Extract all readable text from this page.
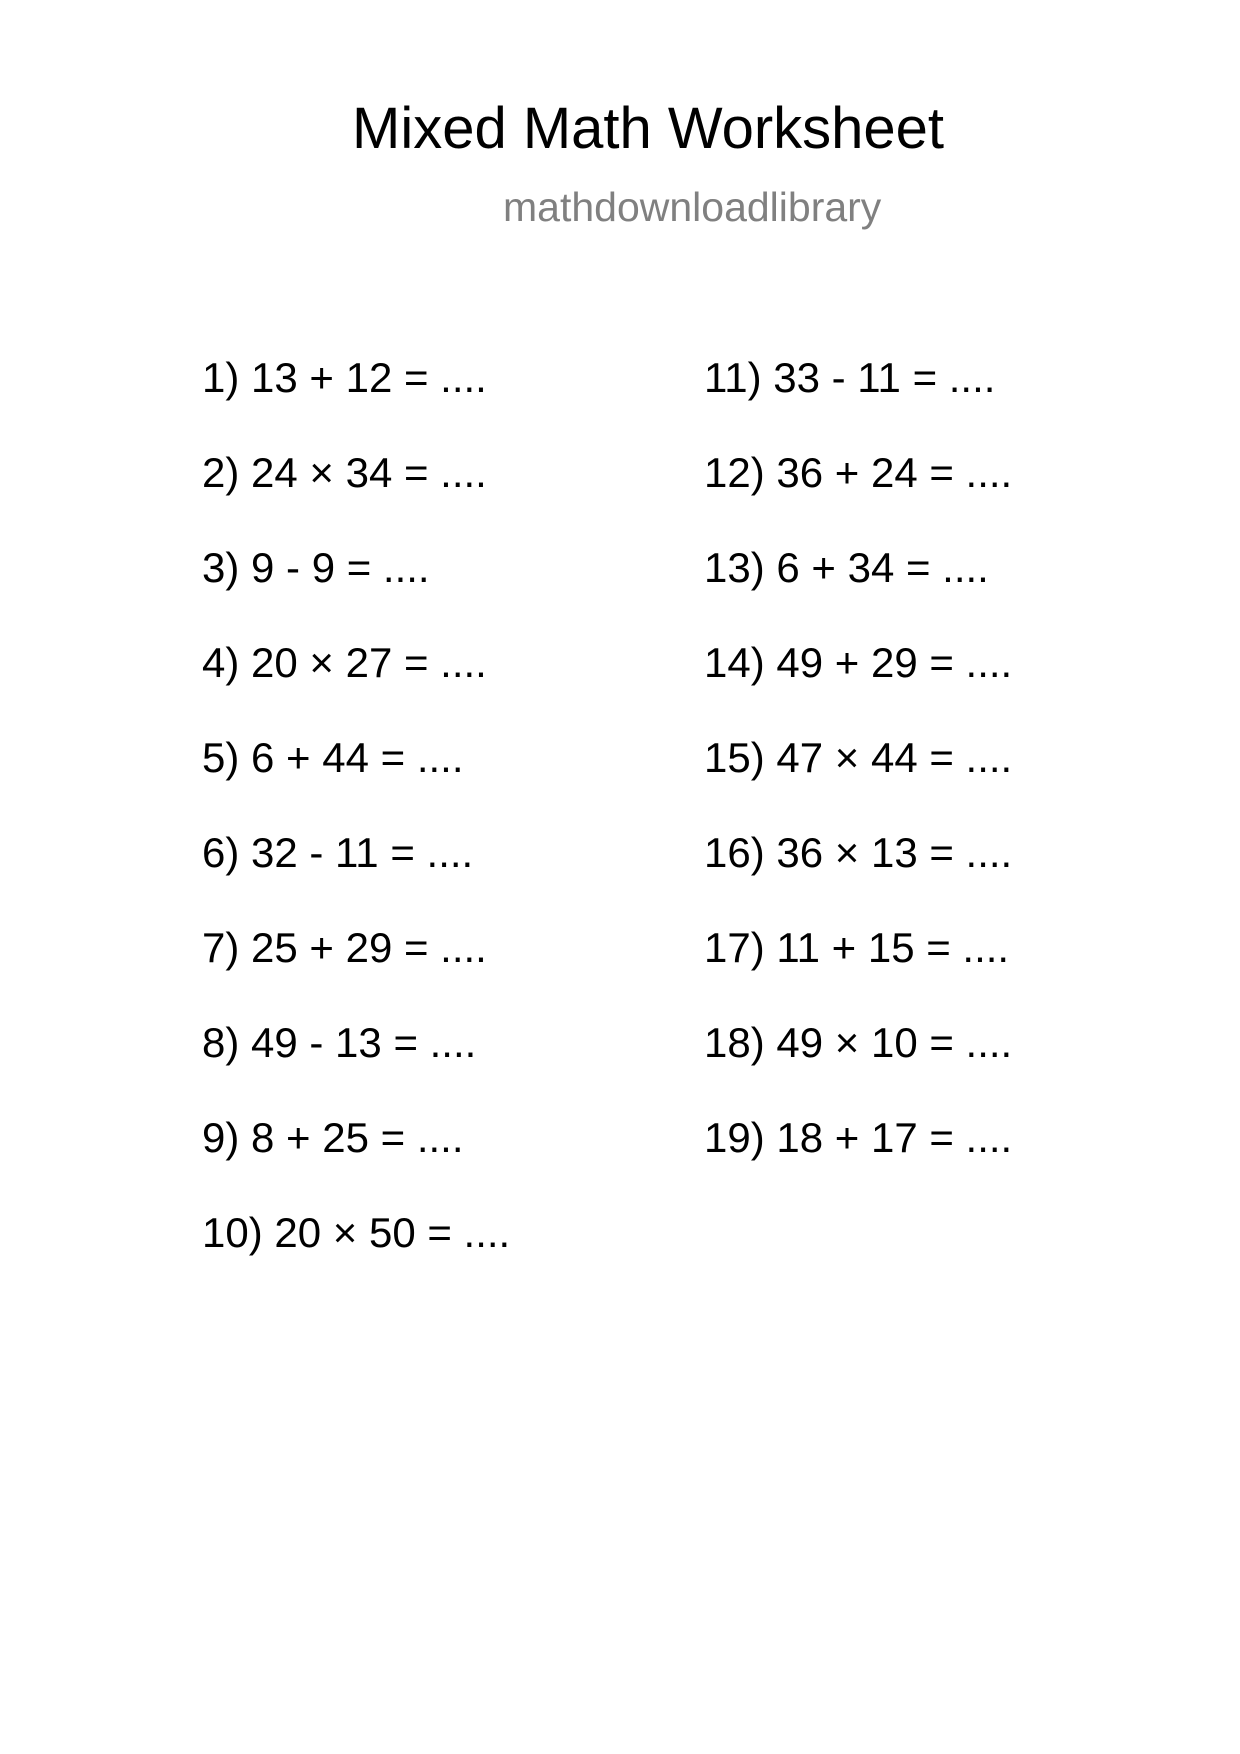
Mixed Math Worksheet
mathdownloadlibrary
1) 13 + 12 = ....
2) 24 × 34 = ....
3) 9 - 9 = ....
4) 20 × 27 = ....
5) 6 + 44 = ....
6) 32 - 11 = ....
7) 25 + 29 = ....
8) 49 - 13 = ....
9) 8 + 25 = ....
10) 20 × 50 = ....
11) 33 - 11 = ....
12) 36 + 24 = ....
13) 6 + 34 = ....
14) 49 + 29 = ....
15) 47 × 44 = ....
16) 36 × 13 = ....
17) 11 + 15 = ....
18) 49 × 10 = ....
19) 18 + 17 = ....
